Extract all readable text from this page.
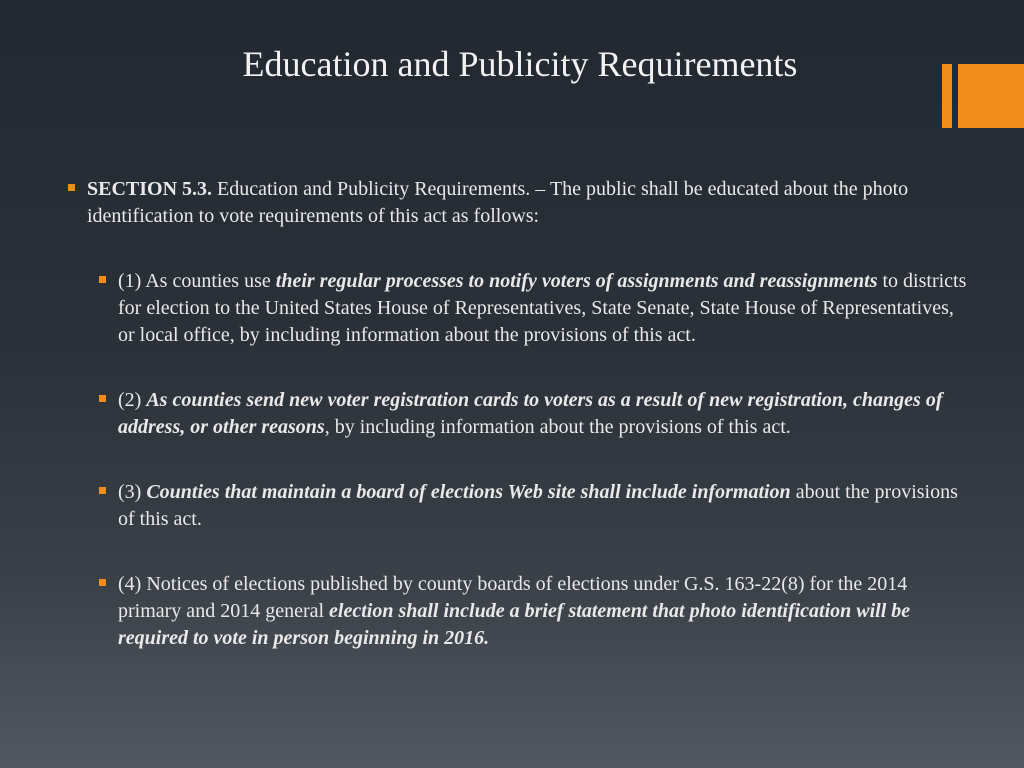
Education and Publicity Requirements
SECTION 5.3. Education and Publicity Requirements. – The public shall be educated about the photo identification to vote requirements of this act as follows:
(1) As counties use their regular processes to notify voters of assignments and reassignments to districts for election to the United States House of Representatives, State Senate, State House of Representatives, or local office, by including information about the provisions of this act.
(2) As counties send new voter registration cards to voters as a result of new registration, changes of address, or other reasons, by including information about the provisions of this act.
(3) Counties that maintain a board of elections Web site shall include information about the provisions of this act.
(4) Notices of elections published by county boards of elections under G.S. 163-22(8) for the 2014 primary and 2014 general election shall include a brief statement that photo identification will be required to vote in person beginning in 2016.
